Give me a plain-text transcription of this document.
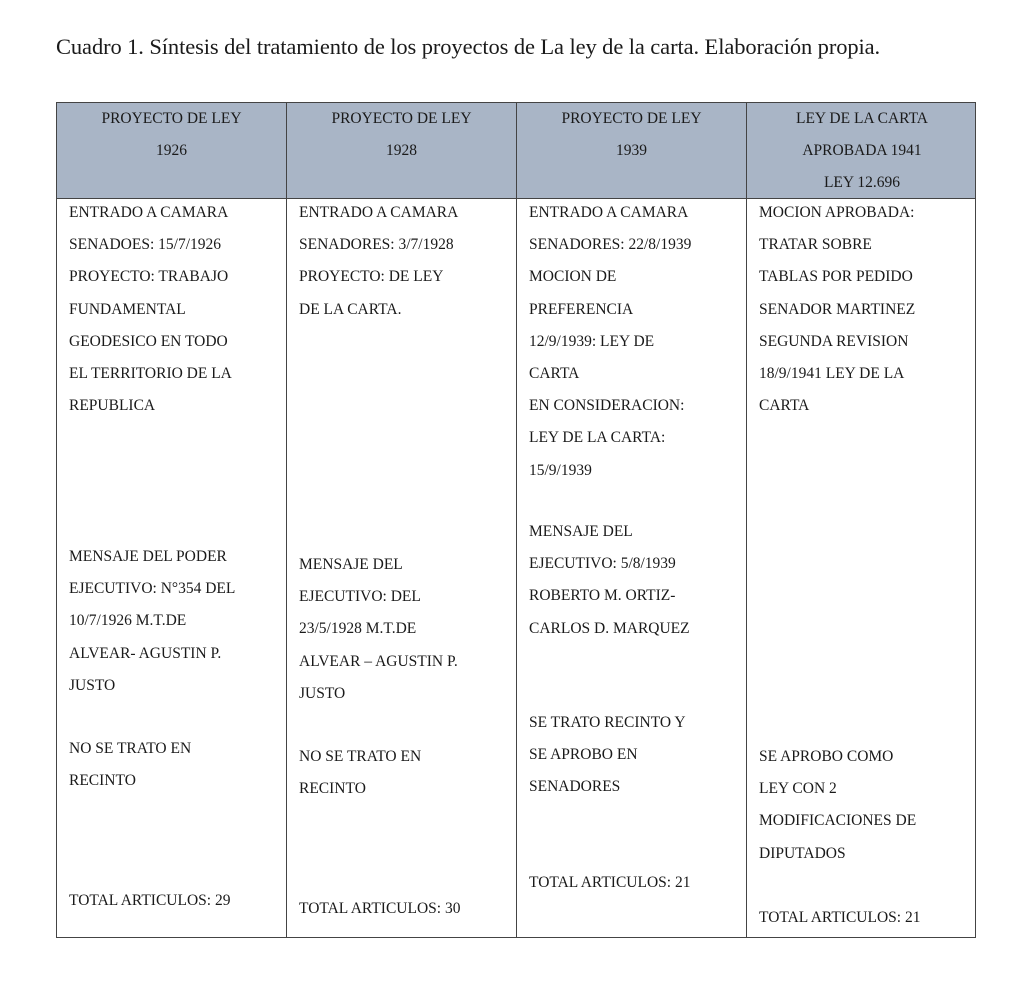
Cuadro 1. Síntesis del tratamiento de los proyectos de La ley de la carta. Elaboración propia.
PROYECTO DE LEY
1926
PROYECTO DE LEY
1928
PROYECTO DE LEY
1939
LEY DE LA CARTA
APROBADA 1941
LEY 12.696
ENTRADO A CAMARA
SENADOES: 15/7/1926
PROYECTO: TRABAJO
FUNDAMENTAL
GEODESICO EN TODO
EL TERRITORIO DE LA
REPUBLICA
MENSAJE DEL PODER
EJECUTIVO: N°354 DEL
10/7/1926 M.T.DE
ALVEAR- AGUSTIN P.
JUSTO
NO SE TRATO EN
RECINTO
TOTAL ARTICULOS: 29
ENTRADO A CAMARA
SENADORES: 3/7/1928
PROYECTO: DE LEY
DE LA CARTA.
MENSAJE DEL
EJECUTIVO: DEL
23/5/1928 M.T.DE
ALVEAR – AGUSTIN P.
JUSTO
NO SE TRATO EN
RECINTO
TOTAL ARTICULOS: 30
ENTRADO A CAMARA
SENADORES: 22/8/1939
MOCION DE
PREFERENCIA
12/9/1939: LEY DE
CARTA
EN CONSIDERACION:
LEY DE LA CARTA:
15/9/1939
MENSAJE DEL
EJECUTIVO: 5/8/1939
ROBERTO M. ORTIZ-
CARLOS D. MARQUEZ
SE TRATO RECINTO Y
SE APROBO EN
SENADORES
TOTAL ARTICULOS: 21
MOCION APROBADA:
TRATAR SOBRE
TABLAS POR PEDIDO
SENADOR MARTINEZ
SEGUNDA REVISION
18/9/1941 LEY DE LA
CARTA
SE APROBO COMO
LEY CON 2
MODIFICACIONES DE
DIPUTADOS
TOTAL ARTICULOS: 21
